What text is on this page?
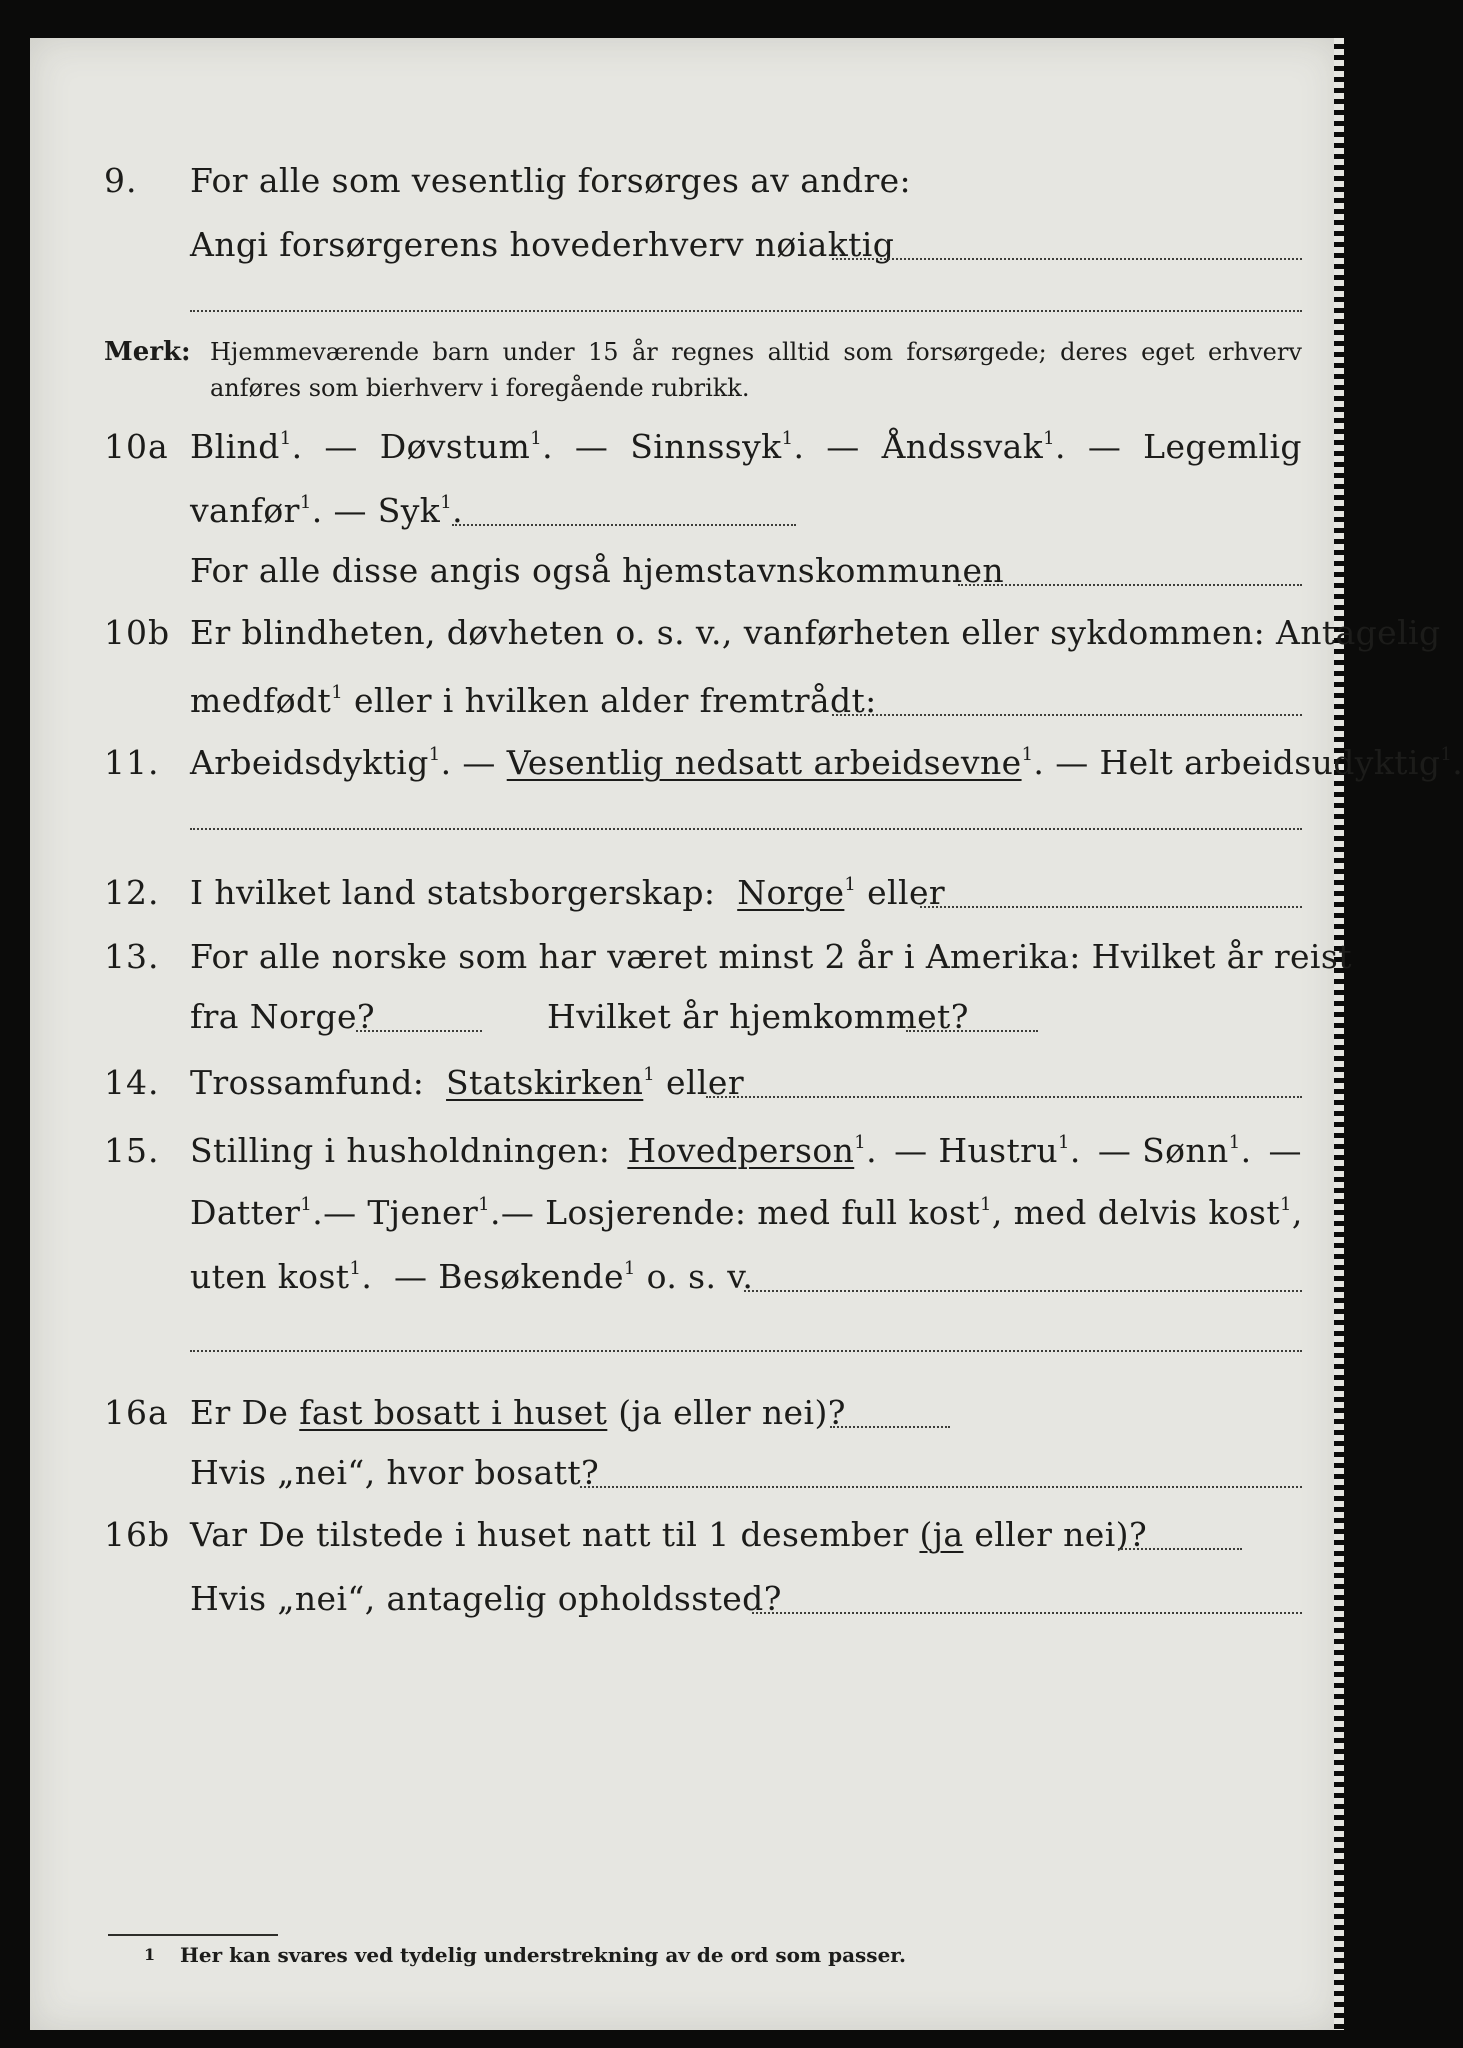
9. For alle som vesentlig forsørges av andre:
Angi forsørgerens hovederhverv nøiaktig
Merk: Hjemmeværende barn under 15 år regnes alltid som forsørgede; deres eget erhverv
anføres som bierhverv i foregående rubrikk.
10a Blind$^1$. — Døvstum$^1$. — Sinnssyk$^1$. — Åndssvak$^1$. — Legemlig
vanfør$^1$. — Syk$^1$.
For alle disse angis også hjemstavnskommunen
10b Er blindheten, døvheten o. s. v., vanførheten eller sykdommen: Antagelig
medfødt$^1$ eller i hvilken alder fremtrådt:
11. Arbeidsdyktig$^1$. — Vesentlig nedsatt arbeidsevne$^1$. — Helt arbeidsudyktig$^1$.
12. I hvilket land statsborgerskap: Norge$^1$ eller
13. For alle norske som har været minst 2 år i Amerika: Hvilket år reist
fra Norge?	Hvilket år hjemkommet?
14. Trossamfund: Statskirken$^1$ eller
15. Stilling i husholdningen: Hovedperson$^1$. — Hustru$^1$. — Sønn$^1$. —
Datter$^1$. — Tjener$^1$. — Losjerende: med full kost$^1$, med delvis kost$^1$,
uten kost$^1$.  — Besøkende$^1$ o. s. v.
16a Er De fast bosatt i huset (ja eller nei)?
Hvis „nei“, hvor bosatt?
16b Var De tilstede i huset natt til 1 desember (ja eller nei)?
Hvis „nei“, antagelig opholdssted?
1 Her kan svares ved tydelig understrekning av de ord som passer.
